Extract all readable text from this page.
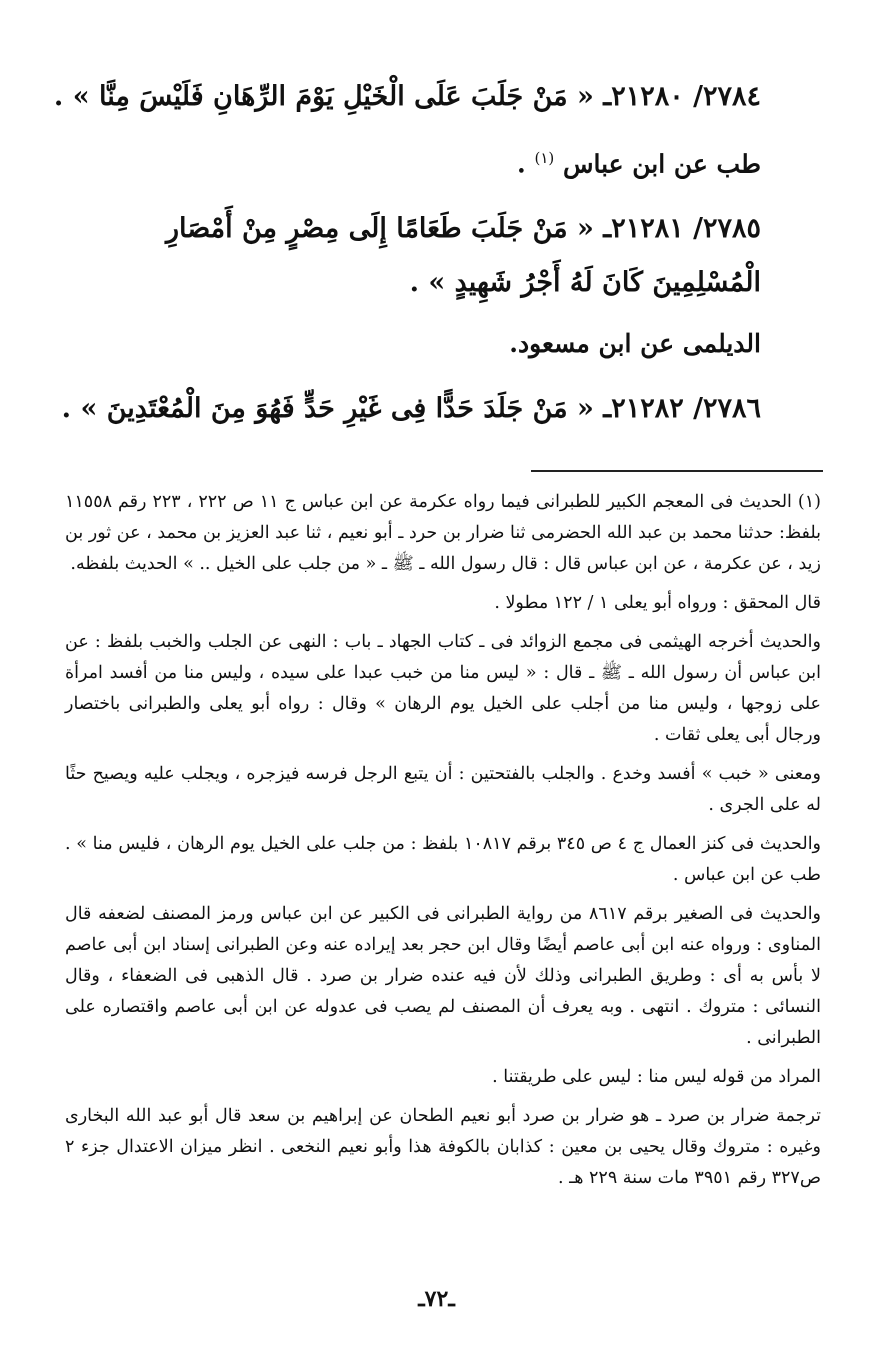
٢٧٨٤/ ٢١٢٨٠ـ « مَنْ جَلَبَ عَلَى الْخَيْلِ يَوْمَ الرِّهَانِ فَلَيْسَ مِنَّا » .

طب عن ابن عباس $^{(١)}$ .

٢٧٨٥/ ٢١٢٨١ـ « مَنْ جَلَبَ طَعَامًا إِلَى مِصْرٍ مِنْ أَمْصَارِ الْمُسْلِمِينَ كَانَ لَهُ أَجْرُ شَهِيدٍ » .

الديلمى عن ابن مسعود.

٢٧٨٦/ ٢١٢٨٢ـ « مَنْ جَلَدَ حَدًّا فِى غَيْرِ حَدٍّ فَهُوَ مِنَ الْمُعْتَدِينَ » .

(١) الحديث فى المعجم الكبير للطبرانى فيما رواه عكرمة عن ابن عباس ج ١١ ص ٢٢٢ ، ٢٢٣ رقم ١١٥٥٨ بلفظ: حدثنا محمد بن عبد الله الحضرمى ثنا ضرار بن حرد ـ أبو نعيم ، ثنا عبد العزيز بن محمد ، عن ثور بن زيد ، عن عكرمة ، عن ابن عباس قال : قال رسول الله ـ ﷺ ـ « من جلب على الخيل .. » الحديث بلفظه.

قال المحقق : ورواه أبو يعلى ١ / ١٢٢ مطولا .

والحديث أخرجه الهيثمى فى مجمع الزوائد فى ـ كتاب الجهاد ـ باب : النهى عن الجلب والخبب بلفظ : عن ابن عباس أن رسول الله ـ ﷺ ـ قال : « ليس منا من خبب عبدا على سيده ، وليس منا من أفسد امرأة على زوجها ، وليس منا من أجلب على الخيل يوم الرهان » وقال : رواه أبو يعلى والطبرانى باختصار ورجال أبى يعلى ثقات .

ومعنى « خبب » أفسد وخدع . والجلب بالفتحتين : أن يتبع الرجل فرسه فيزجره ، ويجلب عليه ويصيح حثًا له على الجرى .

والحديث فى كنز العمال ج ٤ ص ٣٤٥ برقم ١٠٨١٧ بلفظ : من جلب على الخيل يوم الرهان ، فليس منا » . طب عن ابن عباس .

والحديث فى الصغير برقم ٨٦١٧ من رواية الطبرانى فى الكبير عن ابن عباس ورمز المصنف لضعفه قال المناوى : ورواه عنه ابن أبى عاصم أيضًا وقال ابن حجر بعد إيراده عنه وعن الطبرانى إسناد ابن أبى عاصم لا بأس به أى : وطريق الطبرانى وذلك لأن فيه عنده ضرار بن صرد . قال الذهبى فى الضعفاء ، وقال النسائى : متروك . انتهى . وبه يعرف أن المصنف لم يصب فى عدوله عن ابن أبى عاصم واقتصاره على الطبرانى .

المراد من قوله ليس منا : ليس على طريقتنا .

ترجمة ضرار بن صرد ـ هو ضرار بن صرد أبو نعيم الطحان عن إبراهيم بن سعد قال أبو عبد الله البخارى وغيره : متروك وقال يحيى بن معين : كذابان بالكوفة هذا وأبو نعيم النخعى . انظر ميزان الاعتدال جزء ٢ ص٣٢٧ رقم ٣٩٥١ مات سنة ٢٢٩ هـ .

ـ٧٢ـ
